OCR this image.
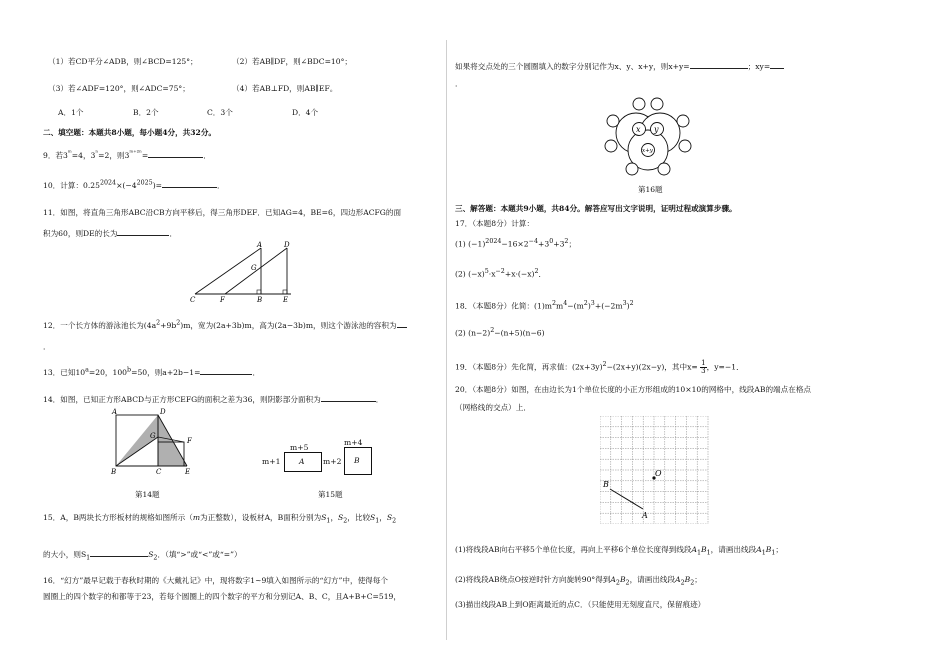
（1）若CD平分∠ADB，则∠BCD=125°；	（2）若AB∥DF，则∠BDC=10°；
（3）若∠ADF=120°，则∠ADC=75°；	（4）若AB⊥FD，则AB∥EF。
A．1个	B．2个	C．3个	D．4个
二、填空题：本题共8小题，每小题4分，共32分。
9．若$3^ᵐ=4$，$3^{^n}=2$，则$3^{ᵐ^{+2n}}=$	．
10．计算：$0.25^{2024}\times(-4^{2025})=$	．
11．如图，将直角三角形ABC沿CB方向平移后，得三角形DEF．已知AG=4，BE=6，四边形ACFG的面
积为60，则DE的长为	．
A	D
G
C	F	B	E
12．一个长方体的游泳池长为$(4a^2+9b^2)m$，宽为(2a+3b)m，高为(2a−3b)m，则这个游泳池的容积为
．
13．已知$10^a=20$，$100^b=50$，则a+2b−1=	．
14．如图，已知正方形ABCD与正方形CEFG的面积之差为36，则阴影部分面积为	．
A	D
G
F
B	C	E
第14题
m+5
m+1 A
m+4
m+2 B
第15题
15．A，B两块长方形板材的规格如图所示（m为正整数），设板材A，B面积分别为$S_1$，$S_2$，比较$S_1$，$S_2$
的大小，则$S_1$	$S_2$．（填“>”或“<”或“=”）
16．“幻方”最早记载于春秋时期的《大戴礼记》中，现将数字1~9填入如图所示的“幻方”中，使得每个
圆圈上的四个数字的和都等于23，若每个圆圈上的四个数字的平方和分别记A、B、C，且A+B+C=519，
如果将交点处的三个圆圈填入的数字分别记作为x、y、x+y，则x+y=	；xy=
．
x y
x+y
第16题
三、解答题：本题共9小题，共84分。解答应写出文字说明，证明过程或演算步骤。
17．（本题8分）计算：
(1) $(-1)^{2024}-16\times 2^{-4}+3^0+3^2$；
(2) $(-x)^5\cdot x^{-2}+x\cdot(-x)^2$．
18．（本题8分）化简：$(1)m^2m^4-(m^2)^3+(-2m^3)^2$
(2) $(n-2)^2-(n+5)(n-6)$
19．（本题8分）先化简，再求值：$(2x+3y)^2-(2x+y)(2x-y)$，其中$x= \frac{1}{3}$ ，y=−1．
20．（本题8分）如图，在由边长为1个单位长度的小正方形组成的10×10的网格中，线段AB的端点在格点
（网格线的交点）上．
B
A
O
(1)将线段AB向右平移5个单位长度，再向上平移6个单位长度得到线段$A_1B_1$，请画出线段$A_1B_1$；
(2)将线段AB绕点O按逆时针方向旋转90°得到$A_2B_2$，请画出线段$A_2B_2$；
(3)描出线段AB上到O距离最近的点C．（只能使用无刻度直尺，保留痕迹）
